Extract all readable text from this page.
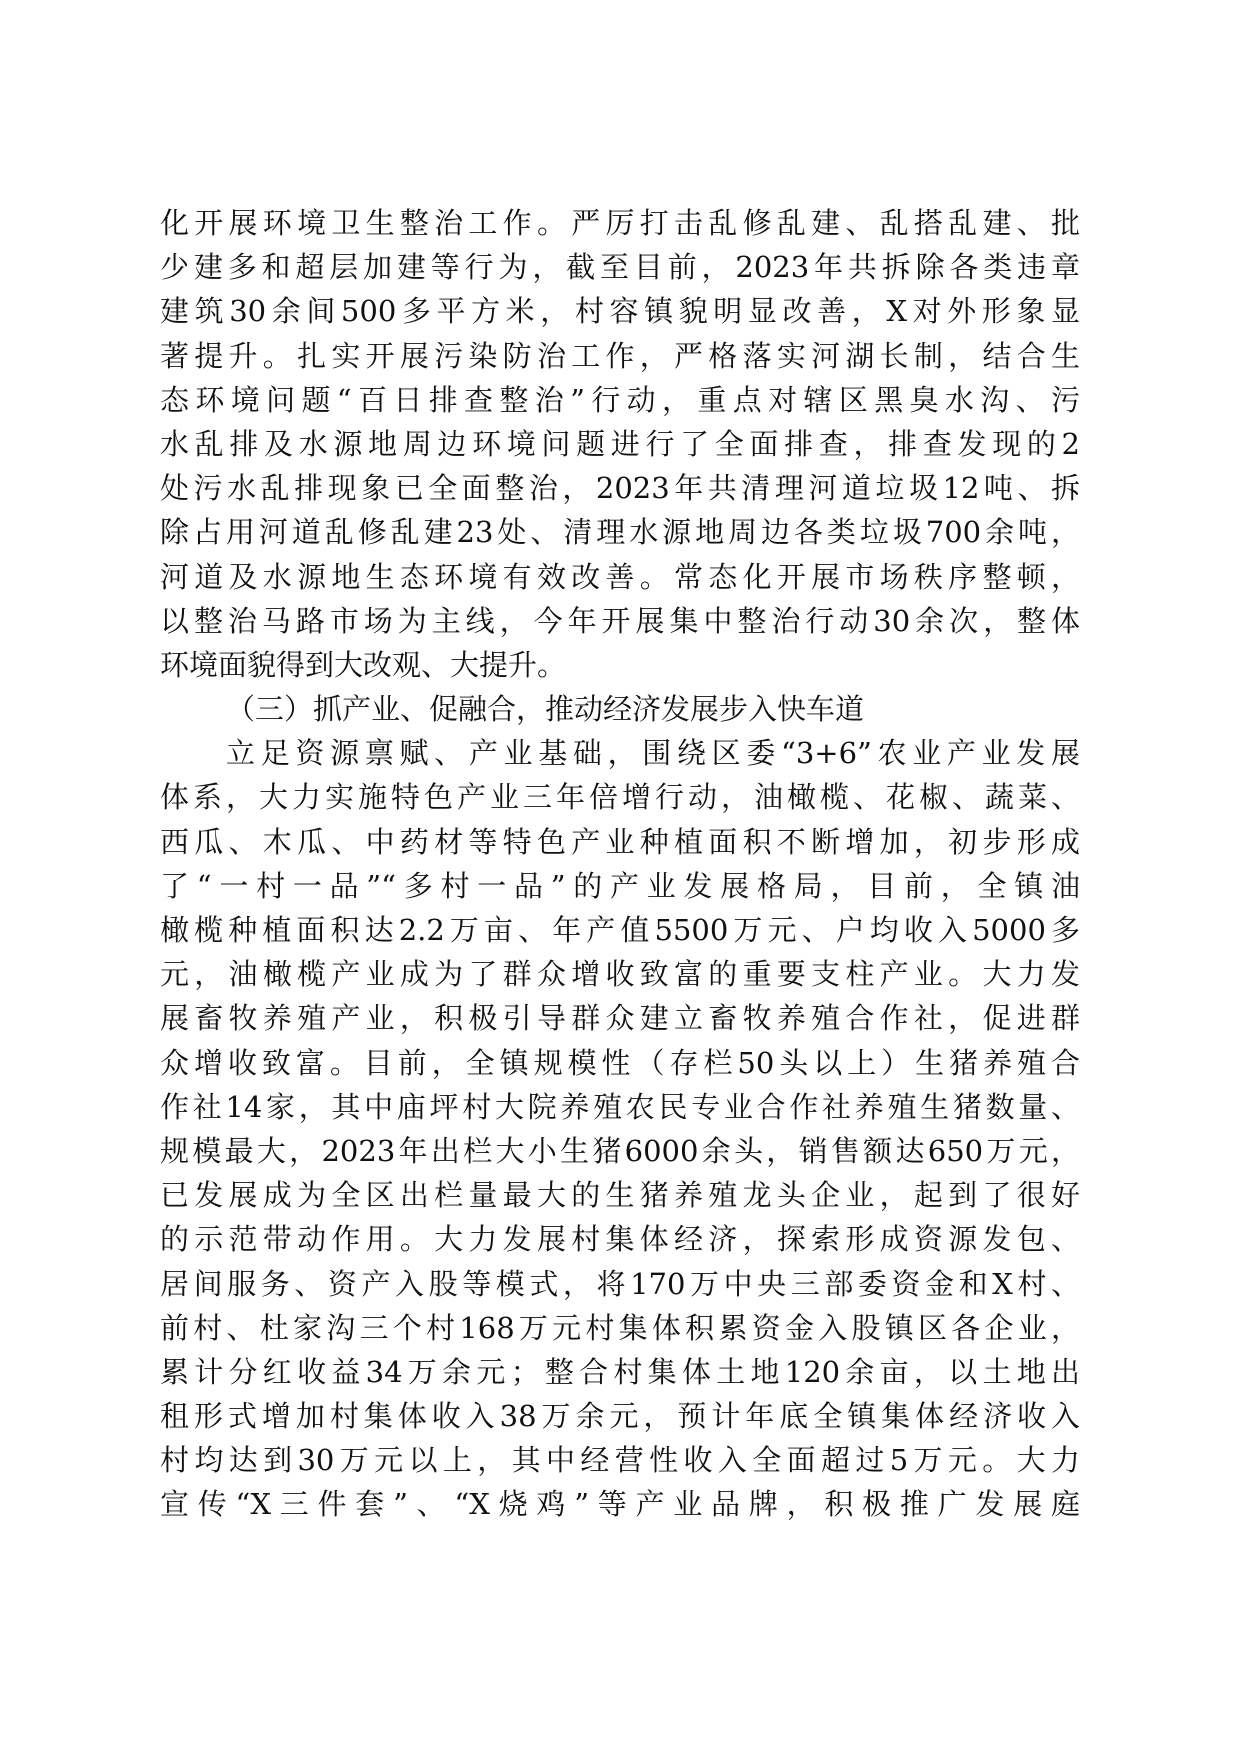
化开展环境卫生整治工作。严厉打击乱修乱建、乱搭乱建、批
少建多和超层加建等行为，截至目前，2023年共拆除各类违章
建筑30余间500多平方米，村容镇貌明显改善，X对外形象显
著提升。扎实开展污染防治工作，严格落实河湖长制，结合生
态环境问题“百日排查整治”行动，重点对辖区黑臭水沟、污
水乱排及水源地周边环境问题进行了全面排查，排查发现的2
处污水乱排现象已全面整治，2023年共清理河道垃圾12吨、拆
除占用河道乱修乱建23处、清理水源地周边各类垃圾700余吨，
河道及水源地生态环境有效改善。常态化开展市场秩序整顿，
以整治马路市场为主线，今年开展集中整治行动30余次，整体
环境面貌得到大改观、大提升。
（三）抓产业、促融合，推动经济发展步入快车道
立足资源禀赋、产业基础，围绕区委“3+6”农业产业发展
体系，大力实施特色产业三年倍增行动，油橄榄、花椒、蔬菜、
西瓜、木瓜、中药材等特色产业种植面积不断增加，初步形成
了“一村一品”“多村一品”的产业发展格局，目前，全镇油
橄榄种植面积达2.2万亩、年产值5500万元、户均收入5000多
元，油橄榄产业成为了群众增收致富的重要支柱产业。大力发
展畜牧养殖产业，积极引导群众建立畜牧养殖合作社，促进群
众增收致富。目前，全镇规模性（存栏50头以上）生猪养殖合
作社14家，其中庙坪村大院养殖农民专业合作社养殖生猪数量、
规模最大，2023年出栏大小生猪6000余头，销售额达650万元，
已发展成为全区出栏量最大的生猪养殖龙头企业，起到了很好
的示范带动作用。大力发展村集体经济，探索形成资源发包、
居间服务、资产入股等模式，将170万中央三部委资金和X村、
前村、杜家沟三个村168万元村集体积累资金入股镇区各企业，
累计分红收益34万余元；整合村集体土地120余亩，以土地出
租形式增加村集体收入38万余元，预计年底全镇集体经济收入
村均达到30万元以上，其中经营性收入全面超过5万元。大力
宣传“X三件套”、“X烧鸡”等产业品牌，积极推广发展庭
